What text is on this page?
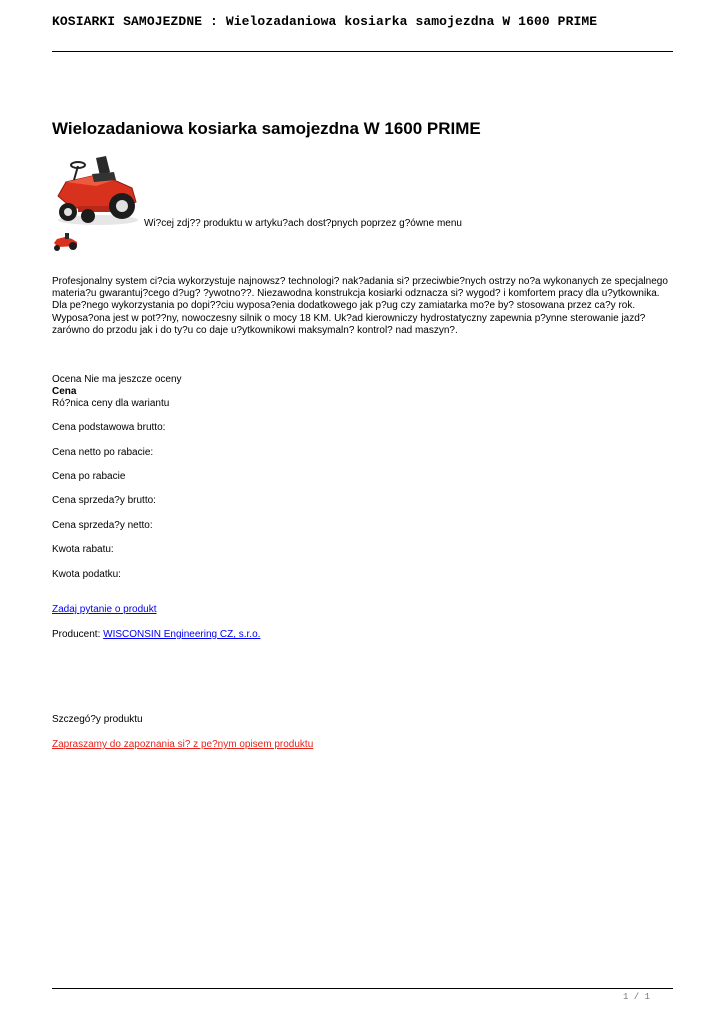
KOSIARKI SAMOJEZDNE : Wielozadaniowa kosiarka samojezdna W 1600 PRIME
Wielozadaniowa kosiarka samojezdna W 1600 PRIME
Wi?cej zdj?? produktu w artyku?ach dost?pnych poprzez g?ówne menu

Profesjonalny system ci?cia wykorzystuje najnowsz? technologi? nak?adania si? przeciwbie?nych ostrzy no?a wykonanych ze specjalnego materia?u gwarantuj?cego d?ug? ?ywotno??. Niezawodna konstrukcja kosiarki odznacza si? wygod? i komfortem pracy dla u?ytkownika. Dla pe?nego wykorzystania po dopi??ciu wyposa?enia dodatkowego jak p?ug czy zamiatarka mo?e by? stosowana przez ca?y rok. Wyposa?ona jest w pot??ny, nowoczesny silnik o mocy 18 KM. Uk?ad kierowniczy hydrostatyczny zapewnia p?ynne sterowanie jazd? zarówno do przodu jak i do ty?u co daje u?ytkownikowi maksymaln? kontrol? nad maszyn?.

Ocena Nie ma jeszcze oceny
Cena
Ró?nica ceny dla wariantu
Cena podstawowa brutto:
Cena netto po rabacie:
Cena po rabacie
Cena sprzeda?y brutto:
Cena sprzeda?y netto:
Kwota rabatu:
Kwota podatku:
Zadaj pytanie o produkt
Producent: WISCONSIN Engineering CZ, s.r.o.
Szczegó?y produktu
Zapraszamy do zapoznania si? z pe?nym opisem produktu
1 / 1
